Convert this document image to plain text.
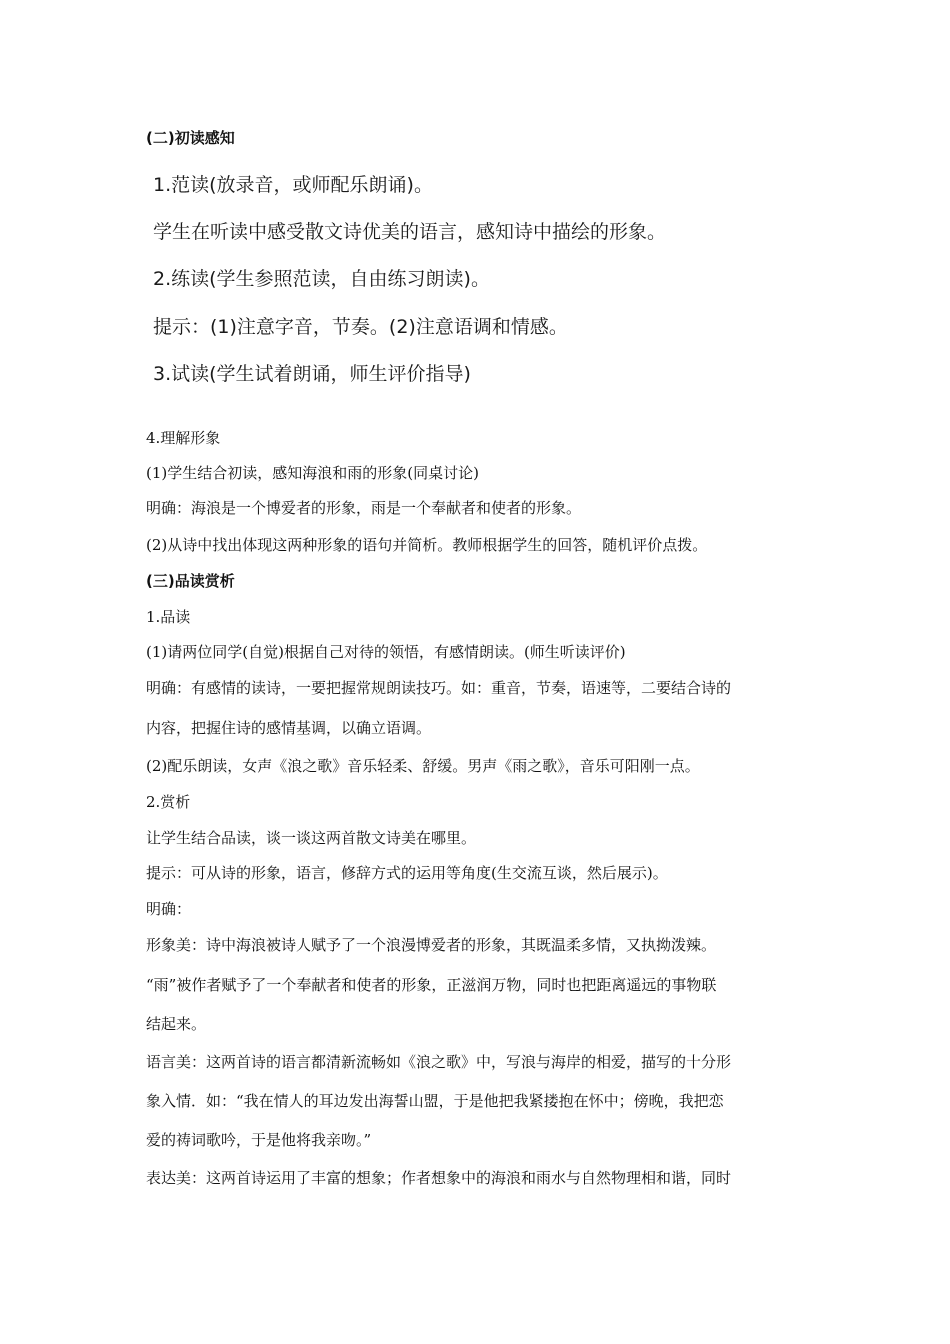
(二)初读感知
1.范读(放录音，或师配乐朗诵)。
学生在听读中感受散文诗优美的语言，感知诗中描绘的形象。
2.练读(学生参照范读，自由练习朗读)。
提示：(1)注意字音，节奏。(2)注意语调和情感。
3.试读(学生试着朗诵，师生评价指导)
4.理解形象
(1)学生结合初读，感知海浪和雨的形象(同桌讨论)
明确：海浪是一个博爱者的形象，雨是一个奉献者和使者的形象。
(2)从诗中找出体现这两种形象的语句并简析。教师根据学生的回答，随机评价点拨。
(三)品读赏析
1.品读
(1)请两位同学(自觉)根据自己对待的领悟，有感情朗读。(师生听读评价)
明确：有感情的读诗，一要把握常规朗读技巧。如：重音，节奏，语速等，二要结合诗的
内容，把握住诗的感情基调，以确立语调。
(2)配乐朗读，女声《浪之歌》音乐轻柔、舒缓。男声《雨之歌》，音乐可阳刚一点。
2.赏析
让学生结合品读，谈一谈这两首散文诗美在哪里。
提示：可从诗的形象，语言，修辞方式的运用等角度(生交流互谈，然后展示)。
明确：
形象美：诗中海浪被诗人赋予了一个浪漫博爱者的形象，其既温柔多情，又执拗泼辣。
“雨”被作者赋予了一个奉献者和使者的形象，正滋润万物，同时也把距离遥远的事物联
结起来。
语言美：这两首诗的语言都清新流畅如《浪之歌》中，写浪与海岸的相爱，描写的十分形
象入情．如：“我在情人的耳边发出海誓山盟，于是他把我紧搂抱在怀中；傍晚，我把恋
爱的祷词歌吟，于是他将我亲吻。”
表达美：这两首诗运用了丰富的想象；作者想象中的海浪和雨水与自然物理相和谐，同时
